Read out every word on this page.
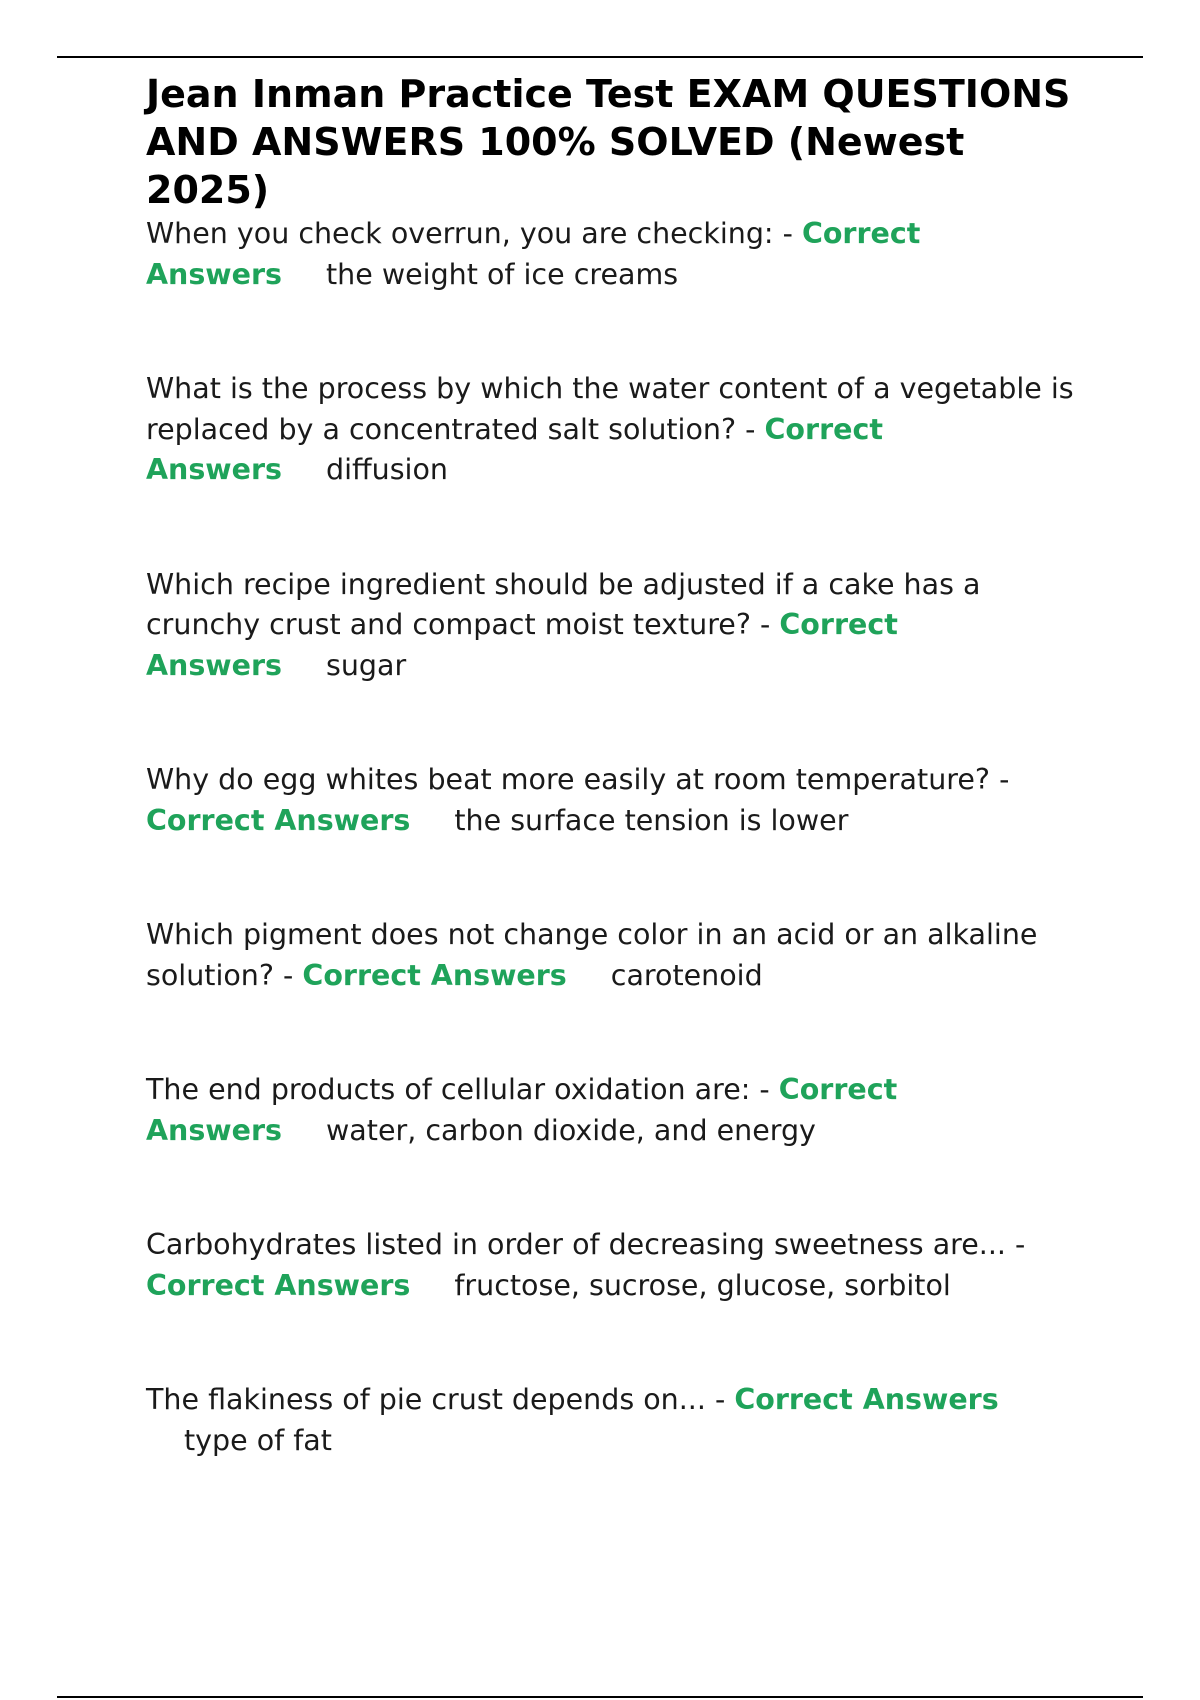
Jean Inman Practice Test EXAM QUESTIONS AND ANSWERS 100% SOLVED (Newest 2025)

When you check overrun, you are checking: - Correct Answers the weight of ice creams

What is the process by which the water content of a vegetable is replaced by a concentrated salt solution? - Correct Answers diffusion

Which recipe ingredient should be adjusted if a cake has a crunchy crust and compact moist texture? - Correct Answers sugar

Why do egg whites beat more easily at room temperature? - Correct Answers the surface tension is lower

Which pigment does not change color in an acid or an alkaline solution? - Correct Answers carotenoid

The end products of cellular oxidation are: - Correct Answers water, carbon dioxide, and energy

Carbohydrates listed in order of decreasing sweetness are... - Correct Answers fructose, sucrose, glucose, sorbitol

The flakiness of pie crust depends on... - Correct Answers
type of fat
